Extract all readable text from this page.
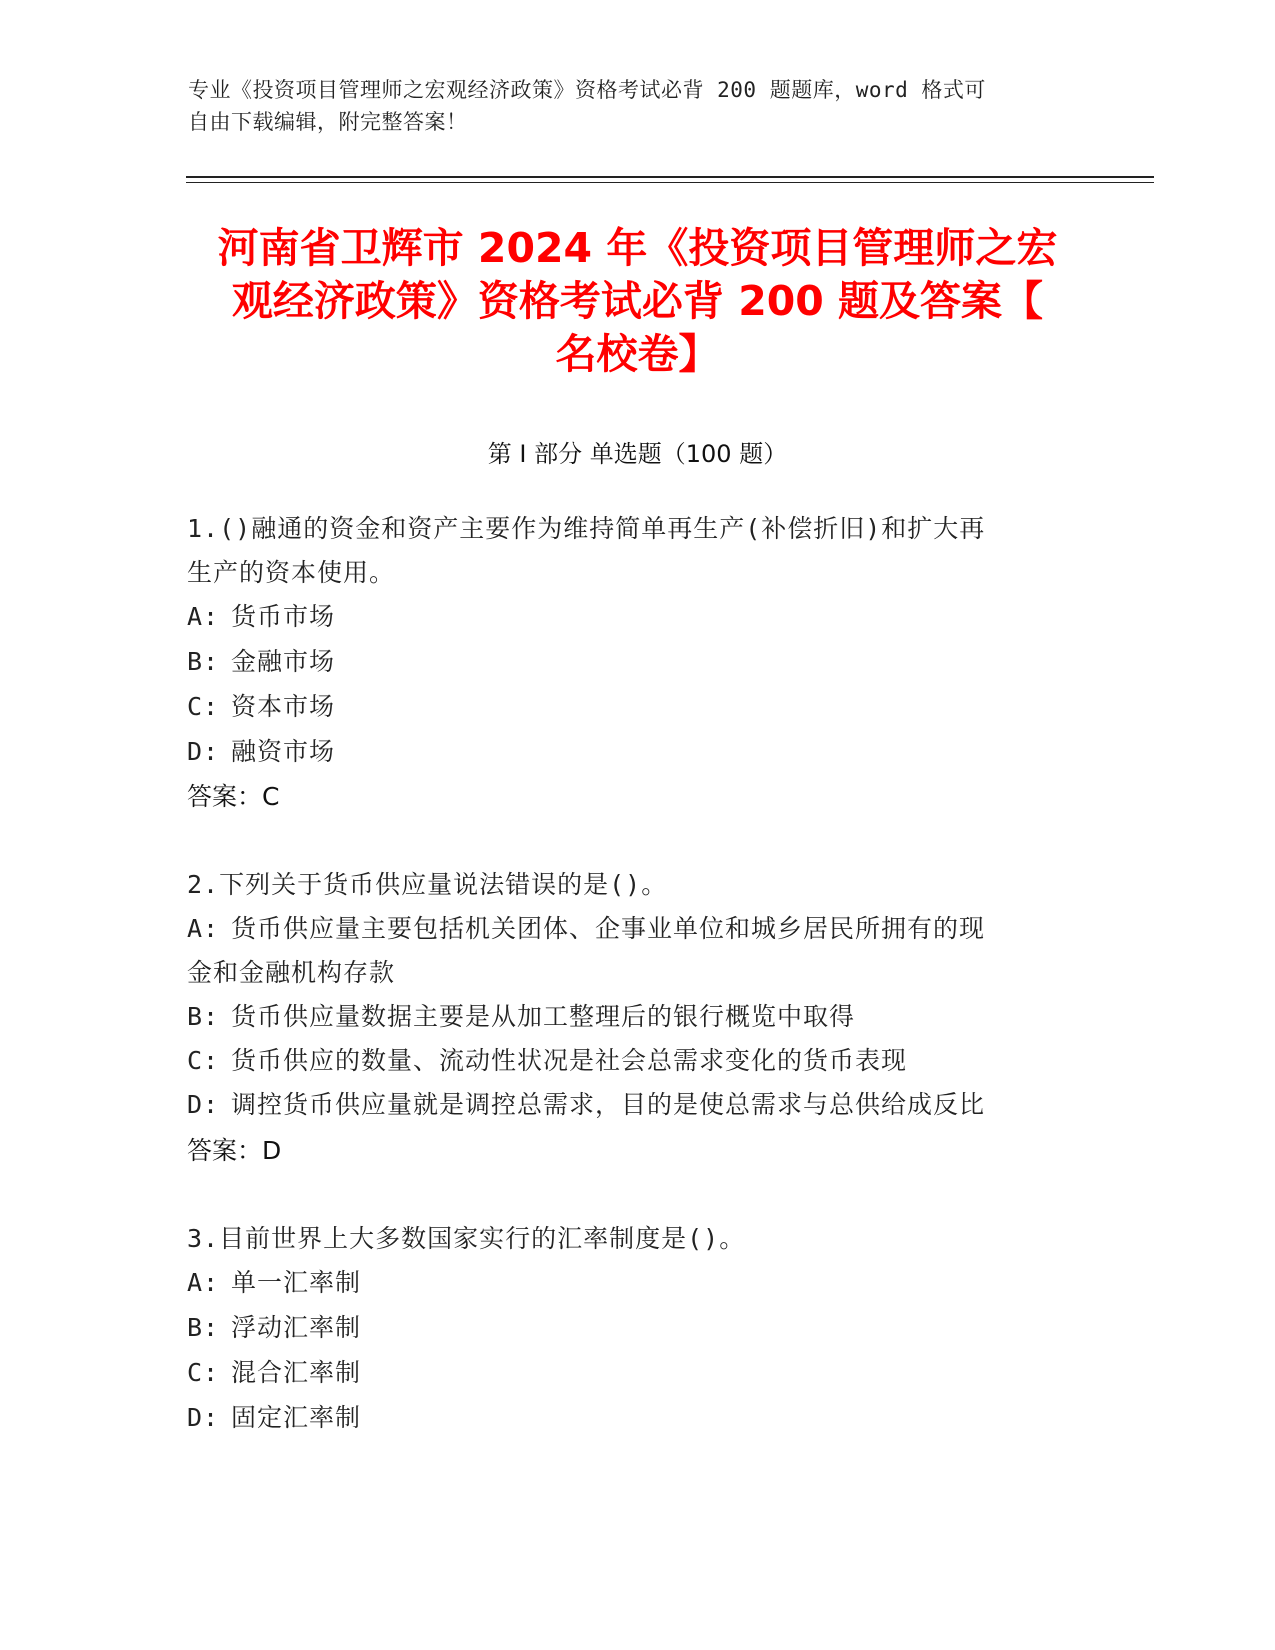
专业《投资项目管理师之宏观经济政策》资格考试必背 200 题题库，word 格式可
自由下载编辑，附完整答案！
河南省卫辉市 2024 年《投资项目管理师之宏
观经济政策》资格考试必背 200 题及答案【
名校卷】
第 I 部分 单选题（100 题）
1.()融通的资金和资产主要作为维持简单再生产(补偿折旧)和扩大再
生产的资本使用。
A: 货币市场
B: 金融市场
C: 资本市场
D: 融资市场
答案：C
2.下列关于货币供应量说法错误的是()。
A: 货币供应量主要包括机关团体、企事业单位和城乡居民所拥有的现
金和金融机构存款
B: 货币供应量数据主要是从加工整理后的银行概览中取得
C: 货币供应的数量、流动性状况是社会总需求变化的货币表现
D: 调控货币供应量就是调控总需求，目的是使总需求与总供给成反比
答案：D
3.目前世界上大多数国家实行的汇率制度是()。
A: 单一汇率制
B: 浮动汇率制
C: 混合汇率制
D: 固定汇率制
